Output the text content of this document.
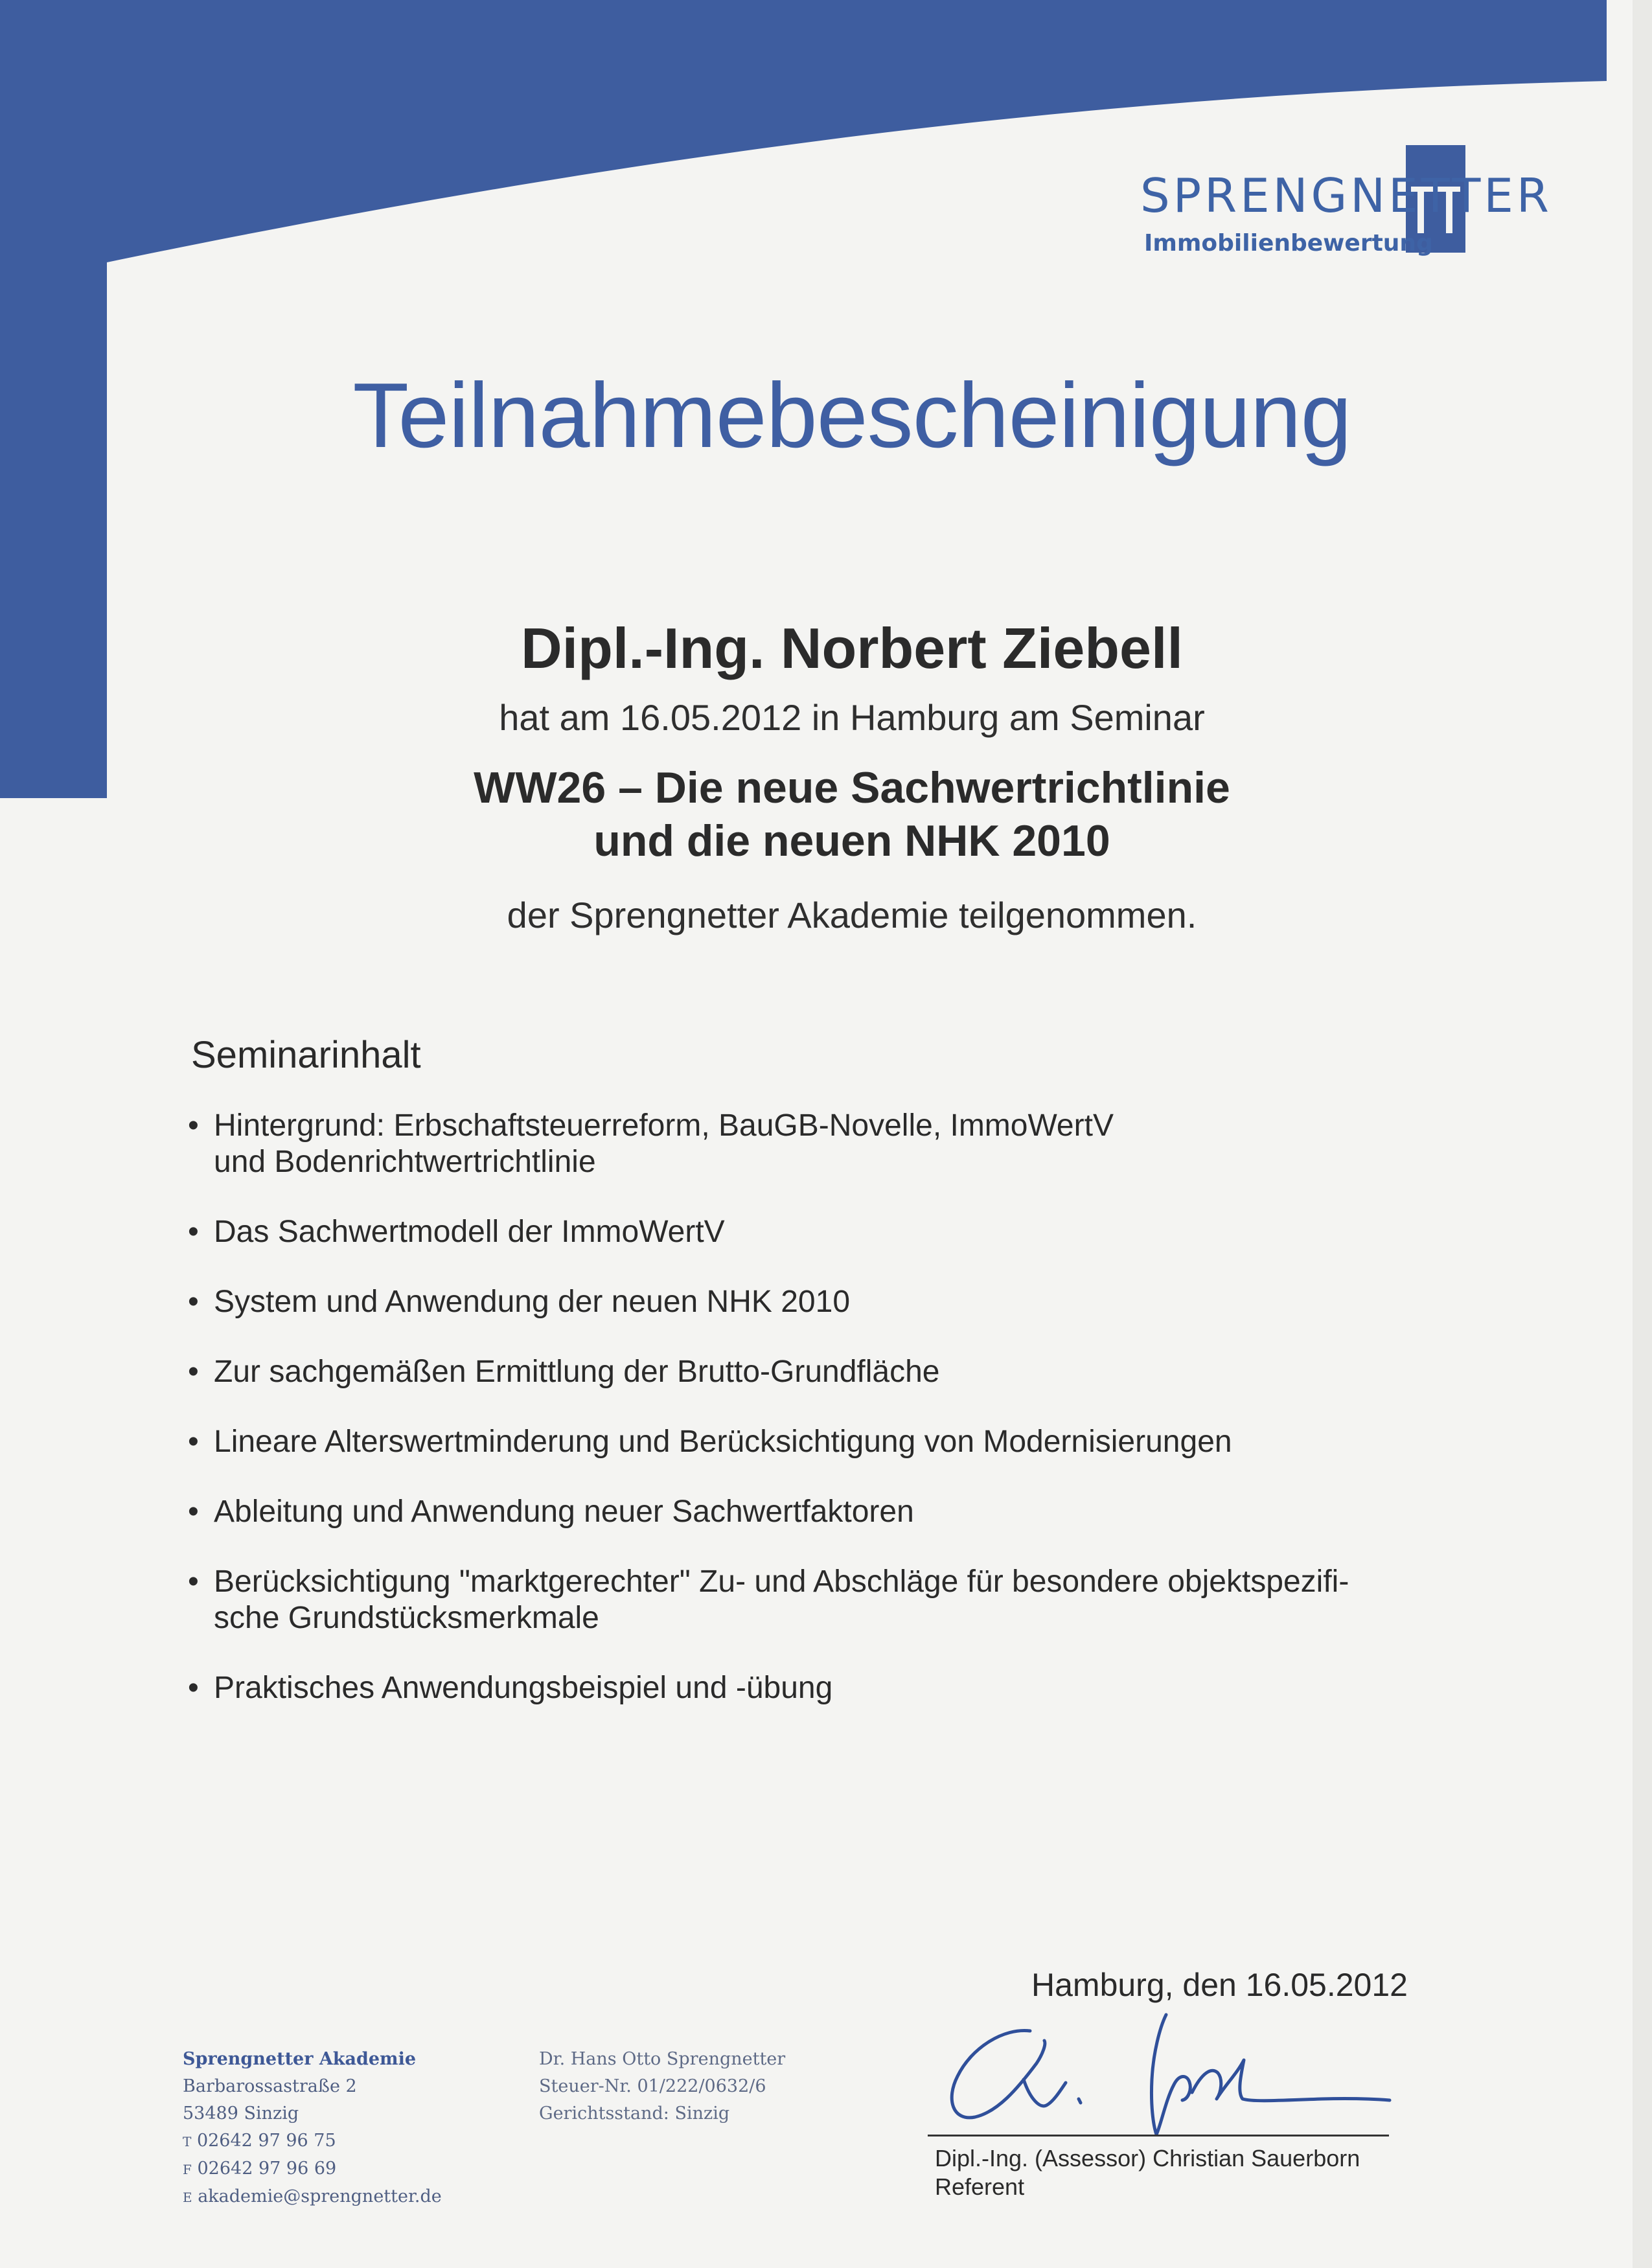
SPRENGNETTER
Immobilienbewertung
Teilnahmebescheinigung
Dipl.-Ing. Norbert Ziebell
hat am 16.05.2012 in Hamburg am Seminar
WW26 – Die neue Sachwertrichtlinie
und die neuen NHK 2010
der Sprengnetter Akademie teilgenommen.
Seminarinhalt
• Hintergrund: Erbschaftsteuerreform, BauGB-Novelle, ImmoWertV
und Bodenrichtwertrichtlinie
• Das Sachwertmodell der ImmoWertV
• System und Anwendung der neuen NHK 2010
• Zur sachgemäßen Ermittlung der Brutto-Grundfläche
• Lineare Alterswertminderung und Berücksichtigung von Modernisierungen
• Ableitung und Anwendung neuer Sachwertfaktoren
• Berücksichtigung "marktgerechter" Zu- und Abschläge für besondere objektspezifi-
sche Grundstücksmerkmale
• Praktisches Anwendungsbeispiel und -übung
Hamburg, den 16.05.2012
Dipl.-Ing. (Assessor) Christian Sauerborn
Referent
Sprengnetter Akademie
Barbarossastraße 2
53489 Sinzig
T 02642 97 96 75
F 02642 97 96 69
E akademie@sprengnetter.de
Dr. Hans Otto Sprengnetter
Steuer-Nr. 01/222/0632/6
Gerichtsstand: Sinzig
